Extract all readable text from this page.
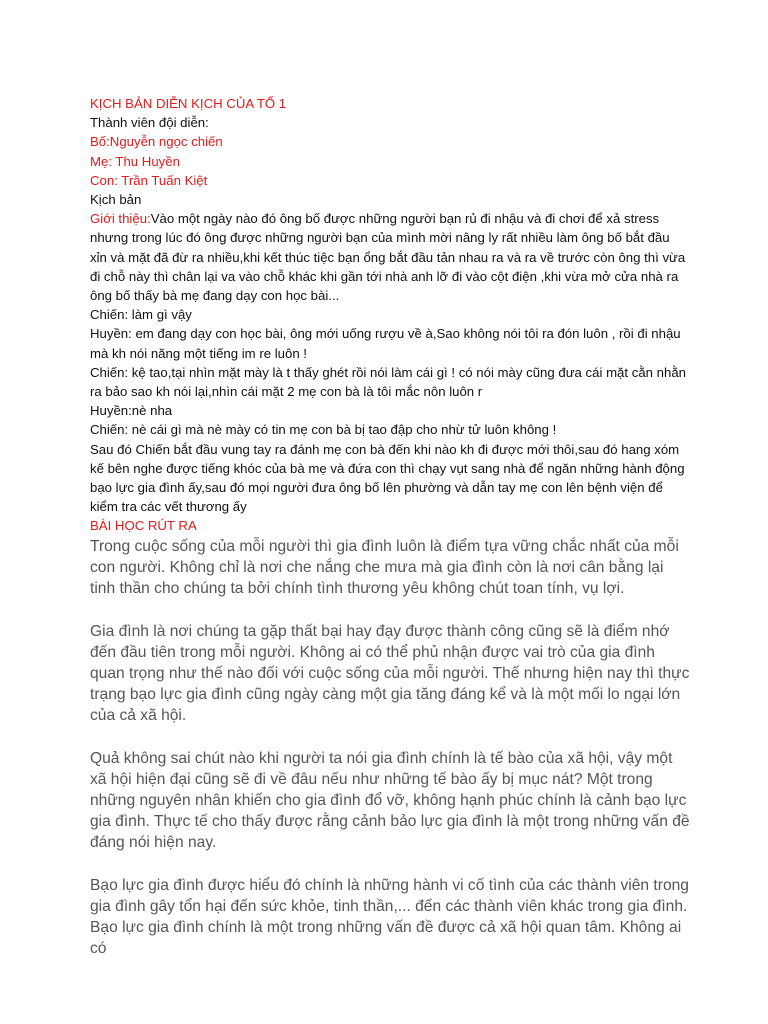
KỊCH BẢN DIỄN KỊCH CỦA TỔ 1

Thành viên đội diễn:

Bố:Nguyễn ngọc chiến

Mẹ: Thu Huyền

Con: Trần Tuấn Kiệt

Kịch bản

Giới thiệu:Vào một ngày nào đó ông bố được những người bạn rủ đi nhậu và đi chơi để xả stress nhưng trong lúc đó ông được những người bạn của mình mời nâng ly rất nhiều làm ông bố bắt đầu xỉn và mặt đã đừ ra nhiều,khi kết thúc tiệc bạn ổng bắt đầu tản nhau ra và ra về trước còn ông thì vừa đi chỗ này thì chân lại va vào chỗ khác khi gần tới nhà anh lỡ đi vào cột điện ,khi vừa mở cửa nhà ra ông bố thấy bà mẹ đang dạy con học bài...

Chiến: làm gì vậy

Huyền: em đang dạy con học bài, ông mới uống rượu về à,Sao không nói tôi ra đón luôn , rồi đi nhậu mà kh nói năng một tiếng im re luôn !

Chiến: kệ tao,tại nhìn mặt mày là t thấy ghét rồi nói làm cái gì ! có nói mày cũng đưa cái mặt cằn nhằn ra bảo sao kh nói lại,nhìn cái mặt 2 mẹ con bà là tôi mắc nôn luôn r

Huyền:nè nha

Chiến: nè cái gì mà nè mày có tin mẹ con bà bị tao đập cho nhừ tử luôn không !

Sau đó Chiến bắt đầu vung tay ra đánh mẹ con bà đến khi nào kh đi được mới thôi,sau đó hang xóm kế bên nghe được tiếng khóc của bà mẹ và đứa con thì chạy vụt sang nhà để ngăn những hành động bạo lực gia đình ấy,sau đó mọi người đưa ông bố lên phường và dẫn tay mẹ con lên bệnh viện để kiểm tra các vết thương ấy

BÀI HỌC RÚT RA

Trong cuộc sống của mỗi người thì gia đình luôn là điểm tựa vững chắc nhất của mỗi con người. Không chỉ là nơi che nắng che mưa mà gia đình còn là nơi cân bằng lại tinh thần cho chúng ta bởi chính tình thương yêu không chút toan tính, vụ lợi.

Gia đình là nơi chúng ta gặp thất bại hay đạy được thành công cũng sẽ là điểm nhớ đến đầu tiên trong mỗi người. Không ai có thể phủ nhận được vai trò của gia đình quan trọng như thế nào đối với cuộc sống của mỗi người. Thế nhưng hiện nay thì thực trạng bạo lực gia đình cũng ngày càng một gia tăng đáng kể và là một mối lo ngại lớn của cả xã hội.

Quả không sai chút nào khi người ta nói gia đình chính là tế bào của xã hội, vậy một xã hội hiện đại cũng sẽ đi về đâu nếu như những tế bào ấy bị mục nát? Một trong những nguyên nhân khiến cho gia đình đổ vỡ, không hạnh phúc chính là cảnh bạo lực gia đình. Thực tế cho thấy được rằng cảnh bảo lực gia đình là một trong những vấn đề đáng nói hiện nay.

Bạo lực gia đình được hiểu đó chính là những hành vi cố tình của các thành viên trong gia đình gây tổn hại đến sức khỏe, tinh thần,... đến các thành viên khác trong gia đình. Bạo lực gia đình chính là một trong những vấn đề được cả xã hội quan tâm. Không ai có
